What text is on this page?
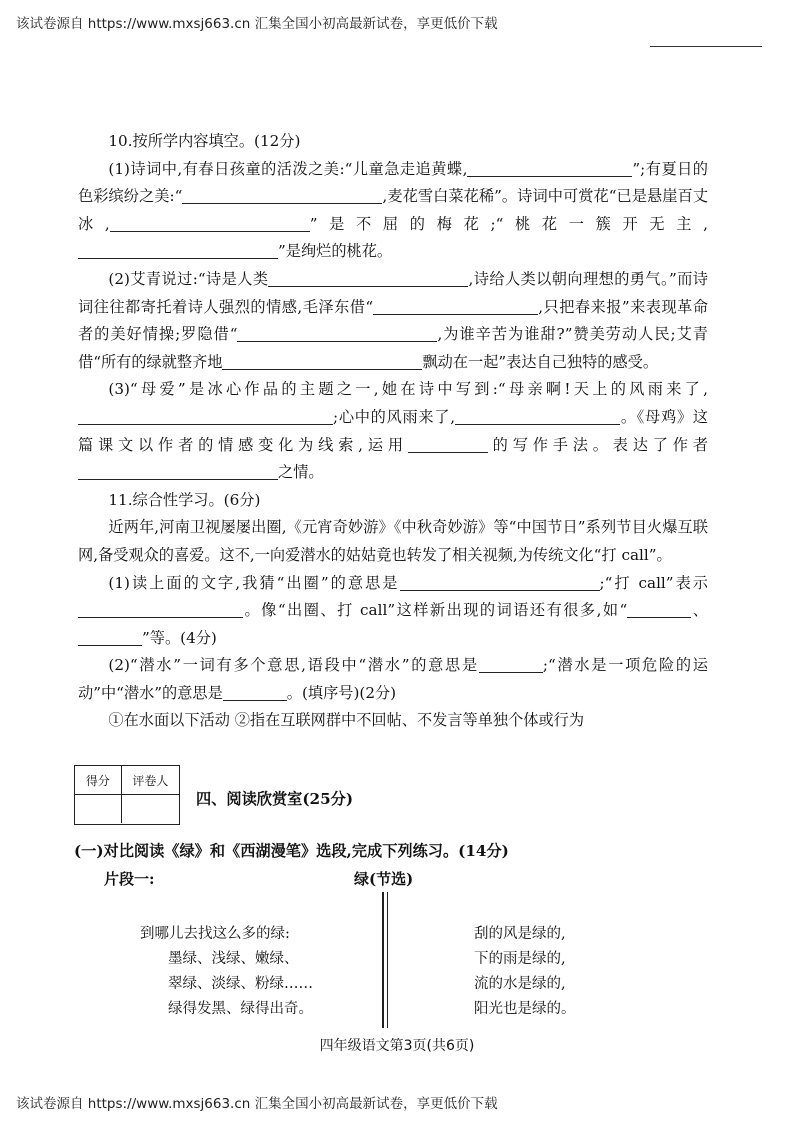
该试卷源自 https://www.mxsj663.cn 汇集全国小初高最新试卷，享更低价下载

10.按所学内容填空。(12分)

(1)诗词中,有春日孩童的活泼之美:“儿童急走追黄蝶,	”;有夏日的色彩缤纷之美:“	,麦花雪白菜花稀”。诗词中可赏花“已是悬崖百丈冰,	”是不屈的梅花;“桃花一簇开无主,”是绚烂的桃花。

(2)艾青说过:“诗是人类	,诗给人类以朝向理想的勇气。”而诗词往往都寄托着诗人强烈的情感,毛泽东借“	,只把春来报”来表现革命者的美好情操;罗隐借“	,为谁辛苦为谁甜?”赞美劳动人民;艾青借“所有的绿就整齐地	飘动在一起”表达自己独特的感受。

(3)“母爱”是冰心作品的主题之一,她在诗中写到:“母亲啊!天上的风雨来了,;心中的风雨来了,	。《母鸡》这篇课文以作者的情感变化为线索,运用	的写作手法。表达了作者之情。

11.综合性学习。(6分)

近两年,河南卫视屡屡出圈,《元宵奇妙游》《中秋奇妙游》等“中国节日”系列节目火爆互联网,备受观众的喜爱。这不,一向爱潜水的姑姑竟也转发了相关视频,为传统文化“打 call”。

(1)读上面的文字,我猜“出圈”的意思是	;“打 call”表示。像“出圈、打 call”这样新出现的词语还有很多,如“	、”等。(4分)

(2)“潜水”一词有多个意思,语段中“潜水”的意思是	;“潜水是一项危险的运动”中“潜水”的意思是	。(填序号)(2分)

①在水面以下活动 ②指在互联网群中不回帖、不发言等单独个体或行为

得分	评卷人
四、阅读欣赏室(25分)
(一)对比阅读《绿》和《西湖漫笔》选段,完成下列练习。(14分)
片段一:	绿(节选)
到哪儿去找这么多的绿:
墨绿、浅绿、嫩绿、
翠绿、淡绿、粉绿……
绿得发黑、绿得出奇。
刮的风是绿的,
下的雨是绿的,
流的水是绿的,
阳光也是绿的。
四年级语文第3页(共6页)
该试卷源自 https://www.mxsj663.cn 汇集全国小初高最新试卷，享更低价下载
